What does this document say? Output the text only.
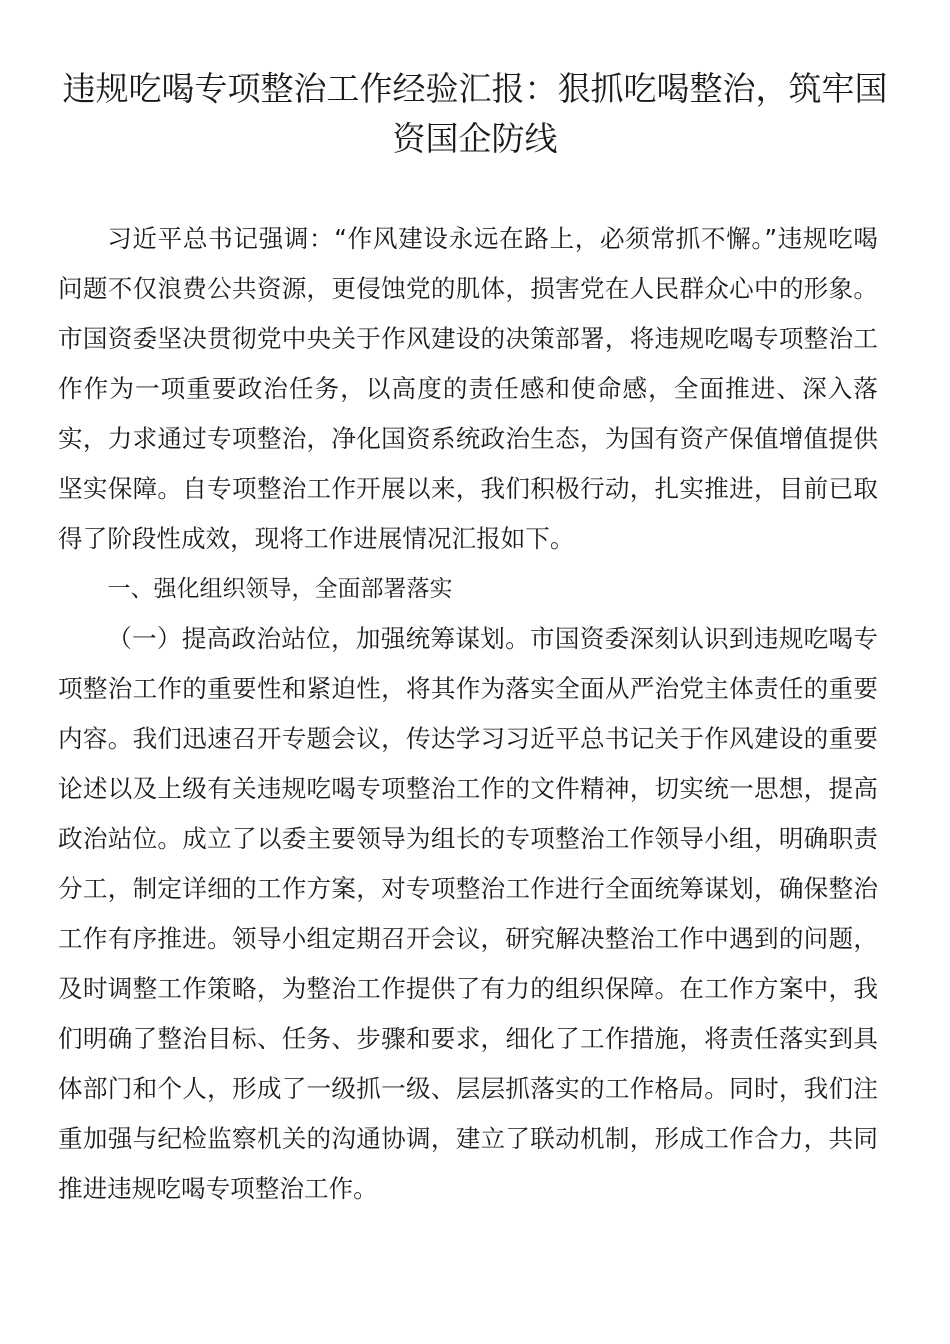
违规吃喝专项整治工作经验汇报：狠抓吃喝整治，筑牢国资国企防线

习近平总书记强调：“作风建设永远在路上，必须常抓不懈。”违规吃喝问题不仅浪费公共资源，更侵蚀党的肌体，损害党在人民群众心中的形象。市国资委坚决贯彻党中央关于作风建设的决策部署，将违规吃喝专项整治工作作为一项重要政治任务，以高度的责任感和使命感，全面推进、深入落实，力求通过专项整治，净化国资系统政治生态，为国有资产保值增值提供坚实保障。自专项整治工作开展以来，我们积极行动，扎实推进，目前已取得了阶段性成效，现将工作进展情况汇报如下。

一、强化组织领导，全面部署落实

（一）提高政治站位，加强统筹谋划。市国资委深刻认识到违规吃喝专项整治工作的重要性和紧迫性，将其作为落实全面从严治党主体责任的重要内容。我们迅速召开专题会议，传达学习习近平总书记关于作风建设的重要论述以及上级有关违规吃喝专项整治工作的文件精神，切实统一思想，提高政治站位。成立了以委主要领导为组长的专项整治工作领导小组，明确职责分工，制定详细的工作方案，对专项整治工作进行全面统筹谋划，确保整治工作有序推进。领导小组定期召开会议，研究解决整治工作中遇到的问题，及时调整工作策略，为整治工作提供了有力的组织保障。在工作方案中，我们明确了整治目标、任务、步骤和要求，细化了工作措施，将责任落实到具体部门和个人，形成了一级抓一级、层层抓落实的工作格局。同时，我们注重加强与纪检监察机关的沟通协调，建立了联动机制，形成工作合力，共同推进违规吃喝专项整治工作。
